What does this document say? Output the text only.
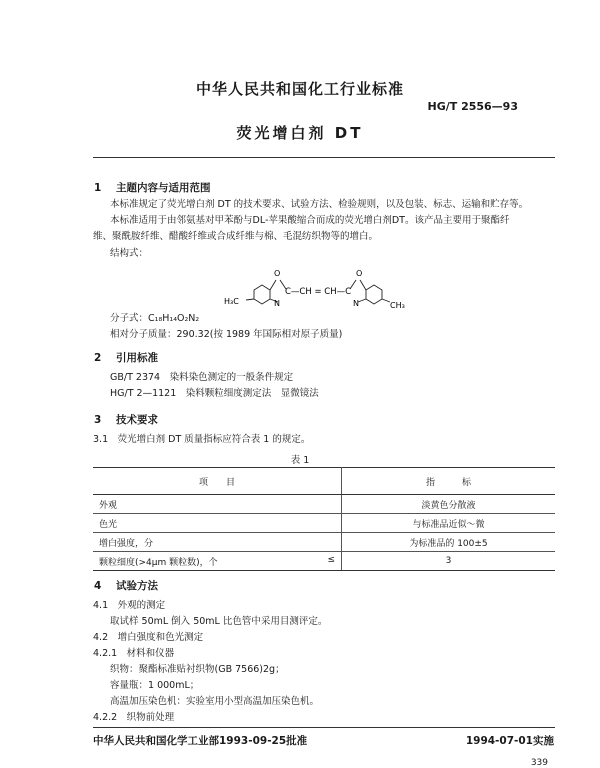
中华人民共和国化工行业标准
HG/T 2556—93
荧光增白剂 DT
1 主题内容与适用范围
本标准规定了荧光增白剂 DT 的技术要求、试验方法、检验规则，以及包装、标志、运输和贮存等。
本标准适用于由邻氨基对甲苯酚与DL-苹果酸缩合而成的荧光增白剂DT。该产品主要用于聚酯纤
维、聚酰胺纤维、醋酸纤维或合成纤维与棉、毛混纺织物等的增白。
结构式：
O	O
N	N
C—CH = CH—C
H₃C	CH₃
分子式：C₁₈H₁₄O₂N₂
相对分子质量：290.32(按 1989 年国际相对原子质量)
2 引用标准
GB/T 2374　染料染色测定的一般条件规定
HG/T 2—1121　染料颗粒细度测定法　显微镜法
3 技术要求
3.1　荧光增白剂 DT 质量指标应符合表 1 的规定。
表 1
项　　目	指　　　标
外观	淡黄色分散液
色光	与标准品近似～微
增白强度，分	为标准品的 100±5
颗粒细度(>4μm 颗粒数)，个 ≤	3
4 试验方法
4.1　外观的测定
取试样 50mL 倒入 50mL 比色管中采用目测评定。
4.2　增白强度和色光测定
4.2.1　材料和仪器
织物：聚酯标准贴衬织物(GB 7566)2g；
容量瓶：1 000mL；
高温加压染色机：实验室用小型高温加压染色机。
4.2.2　织物前处理
中华人民共和国化学工业部1993-09-25批准	1994-07-01实施
339
